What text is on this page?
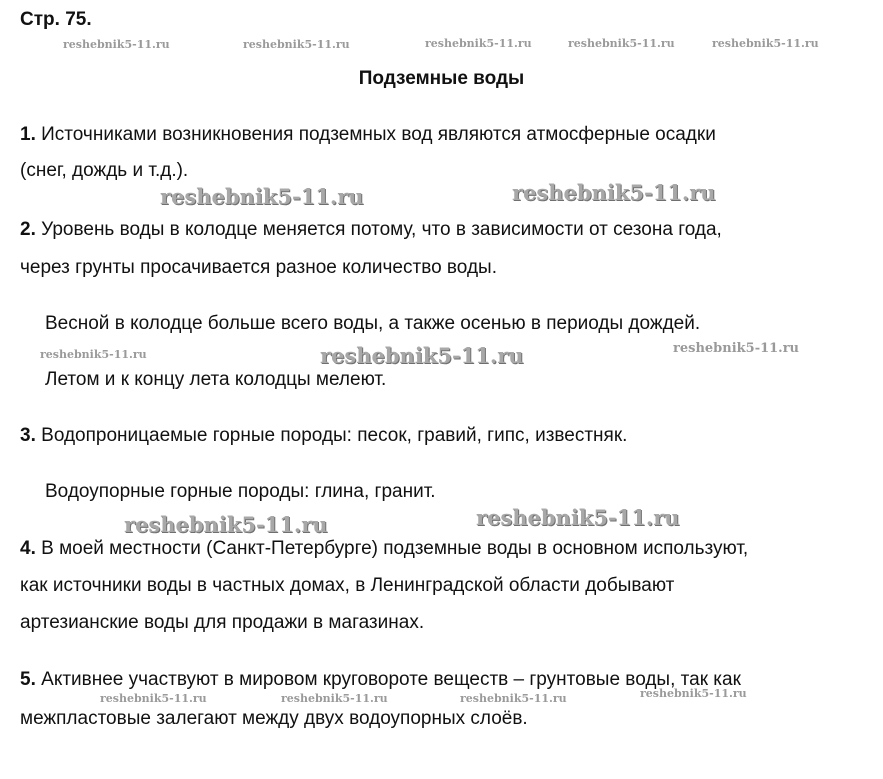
Стр. 75.
reshebnik5-11.ru	reshebnik5-11.ru	reshebnik5-11.ru	reshebnik5-11.ru	reshebnik5-11.ru
Подземные воды
1. Источниками возникновения подземных вод являются атмосферные осадки
(снег, дождь и т.д.).
reshebnik5-11.ru	reshebnik5-11.ru
2. Уровень воды в колодце меняется потому, что в зависимости от сезона года,
через грунты просачивается разное количество воды.
Весной в колодце больше всего воды, а также осенью в периоды дождей.
reshebnik5-11.ru	reshebnik5-11.ru	reshebnik5-11.ru
Летом и к концу лета колодцы мелеют.
3. Водопроницаемые горные породы: песок, гравий, гипс, известняк.
Водоупорные горные породы: глина, гранит.
reshebnik5-11.ru	reshebnik5-11.ru
4. В моей местности (Санкт-Петербурге) подземные воды в основном используют,
как источники воды в частных домах, в Ленинградской области добывают
артезианские воды для продажи в магазинах.
5. Активнее участвуют в мировом круговороте веществ – грунтовые воды, так как
reshebnik5-11.ru	reshebnik5-11.ru	reshebnik5-11.ru	reshebnik5-11.ru
межпластовые залегают между двух водоупорных слоёв.
